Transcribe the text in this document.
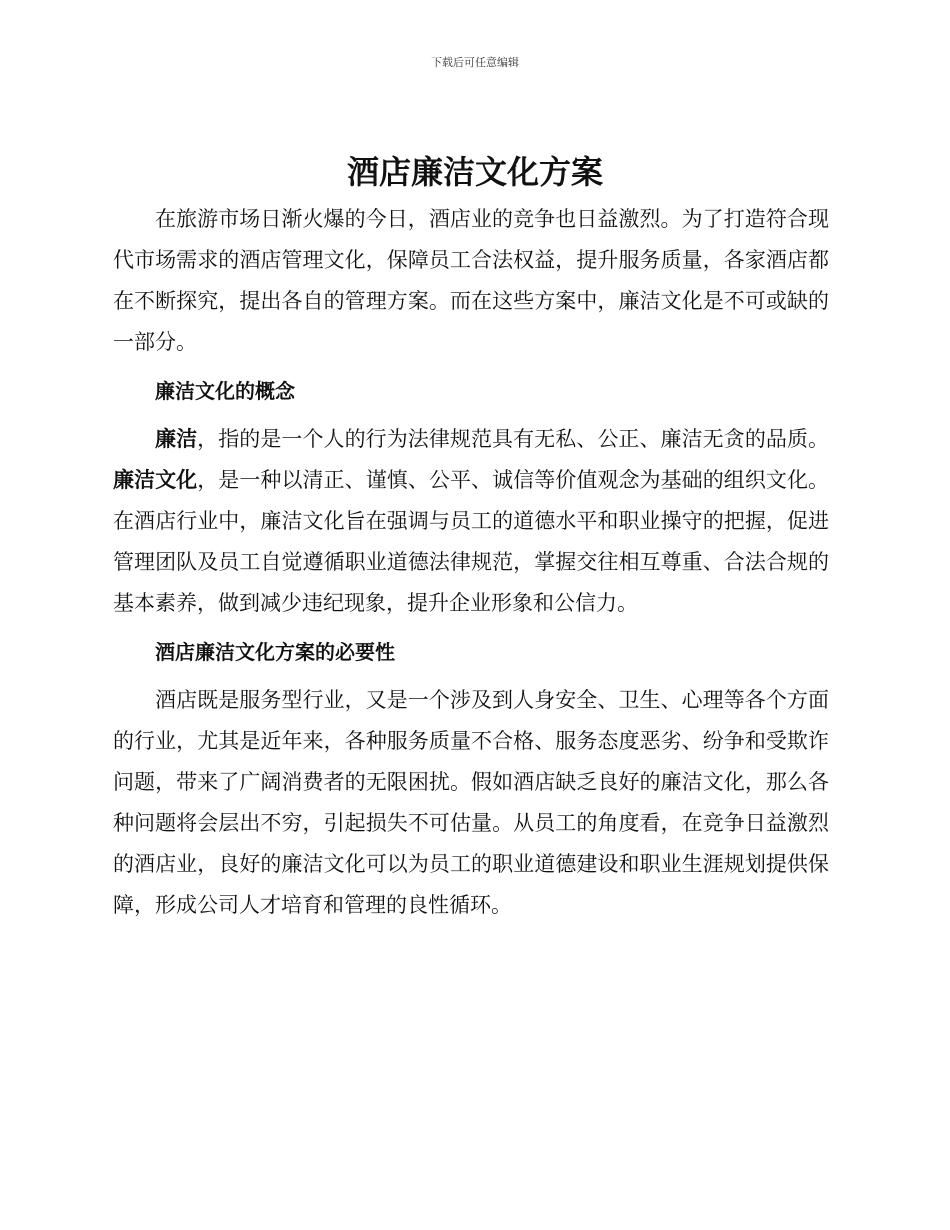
下载后可任意编辑
酒店廉洁文化方案

在旅游市场日渐火爆的今日，酒店业的竞争也日益激烈。为了打造符合现代市场需求的酒店管理文化，保障员工合法权益，提升服务质量，各家酒店都在不断探究，提出各自的管理方案。而在这些方案中，廉洁文化是不可或缺的一部分。

廉洁文化的概念

廉洁，指的是一个人的行为法律规范具有无私、公正、廉洁无贪的品质。廉洁文化，是一种以清正、谨慎、公平、诚信等价值观念为基础的组织文化。在酒店行业中，廉洁文化旨在强调与员工的道德水平和职业操守的把握，促进管理团队及员工自觉遵循职业道德法律规范，掌握交往相互尊重、合法合规的基本素养，做到减少违纪现象，提升企业形象和公信力。

酒店廉洁文化方案的必要性

酒店既是服务型行业，又是一个涉及到人身安全、卫生、心理等各个方面的行业，尤其是近年来，各种服务质量不合格、服务态度恶劣、纷争和受欺诈问题，带来了广阔消费者的无限困扰。假如酒店缺乏良好的廉洁文化，那么各种问题将会层出不穷，引起损失不可估量。从员工的角度看，在竞争日益激烈的酒店业，良好的廉洁文化可以为员工的职业道德建设和职业生涯规划提供保障，形成公司人才培育和管理的良性循环。
